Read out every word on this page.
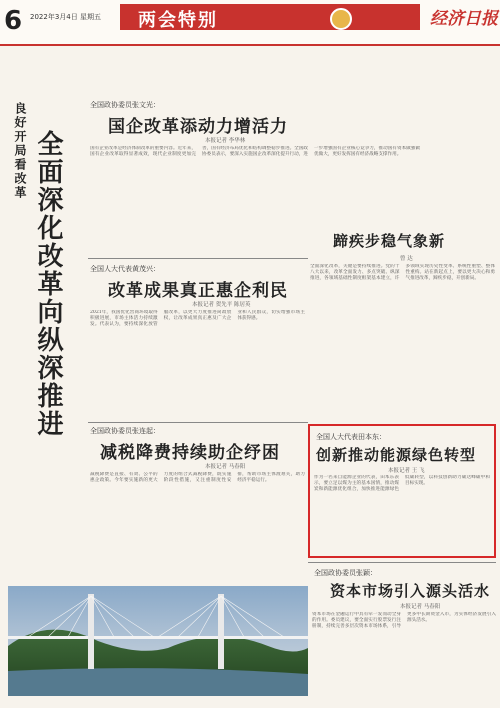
6 2022年3月4日 星期五 两会特别	经济日报
良好开局看改革 全面深化改革向纵深推进
全国政协委员张文光：
国企改革添动力增活力
本报记者 李华林
国有企业改革是经济体制改革的重要内容。近年来，国有企业改革取得显著成效，现代企业制度更加完善，国有经济布局优化和结构调整稳步推进。全国政协委员表示，要深入实施国企改革深化提升行动，进一步增强国有企业核心竞争力，推动国有资本做强做优做大，更好发挥国有经济战略支撑作用。
蹄疾步稳气象新
曾 达
全面深化改革，关键是要持续推进。党的十八大以来，改革全面发力、多点突破、纵深推进，各领域基础性制度框架基本建立，许多领域实现历史性变革、系统性重塑、整体性重构。站在新起点上，要以更大决心和勇气推进改革，蹄疾步稳，开创新局。
全国人大代表黄茂兴：
改革成果真正惠企利民
本报记者 贺先平 陈居英
2021年，我国优化营商环境取得积极进展，市场主体活力持续激发。代表认为，要持续深化放管服改革，以更大力度推进简政放权，让改革成果真正惠及广大企业和人民群众，切实增强市场主体获得感。
全国政协委员张连起：
减税降费持续助企纾困
本报记者 马春阳
减税降费是直接、有效、公平的惠企政策。今年要实施新的更大力度的组合式减税降费，既实施阶段性措施，又注重制度性安排，帮助市场主体渡难关，助力经济平稳运行。
全国人大代表田本东：
创新推动能源绿色转型
本报记者 王 飞
作为一名来自能源企业的代表，田本东表示，要立足以煤为主的基本国情，推动煤炭和新能源优化组合，加快推进能源绿色低碳转型，以科技创新助力碳达峰碳中和目标实现。
全国政协委员张颖：
资本市场引入源头活水
本报记者 马春阳
资本市场在金融运行中具有牵一发而动全身的作用。委员建议，要全面实行股票发行注册制，持续完善多层次资本市场体系，引导更多中长期资金入市，为实体经济发展引入源头活水。
